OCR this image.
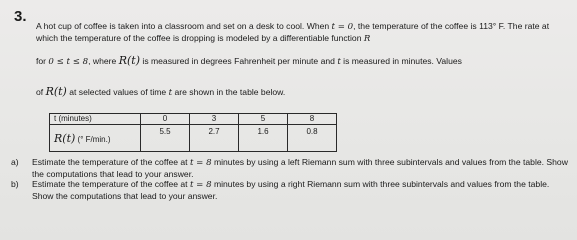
3.
A hot cup of coffee is taken into a classroom and set on a desk to cool. When t = 0, the temperature of the coffee is 113° F. The rate at which the temperature of the coffee is dropping is modeled by a differentiable function R
for 0 ≤ t ≤ 8, where R(t) is measured in degrees Fahrenheit per minute and t is measured in minutes. Values
of R(t) at selected values of time t are shown in the table below.
t (minutes)	0	3	5	8
R(t) (° F/min.)	5.5	2.7	1.6	0.8
a)	Estimate the temperature of the coffee at t = 8 minutes by using a left Riemann sum with three subintervals and values from the table. Show the computations that lead to your answer.
b)	Estimate the temperature of the coffee at t = 8 minutes by using a right Riemann sum with three subintervals and values from the table. Show the computations that lead to your answer.
